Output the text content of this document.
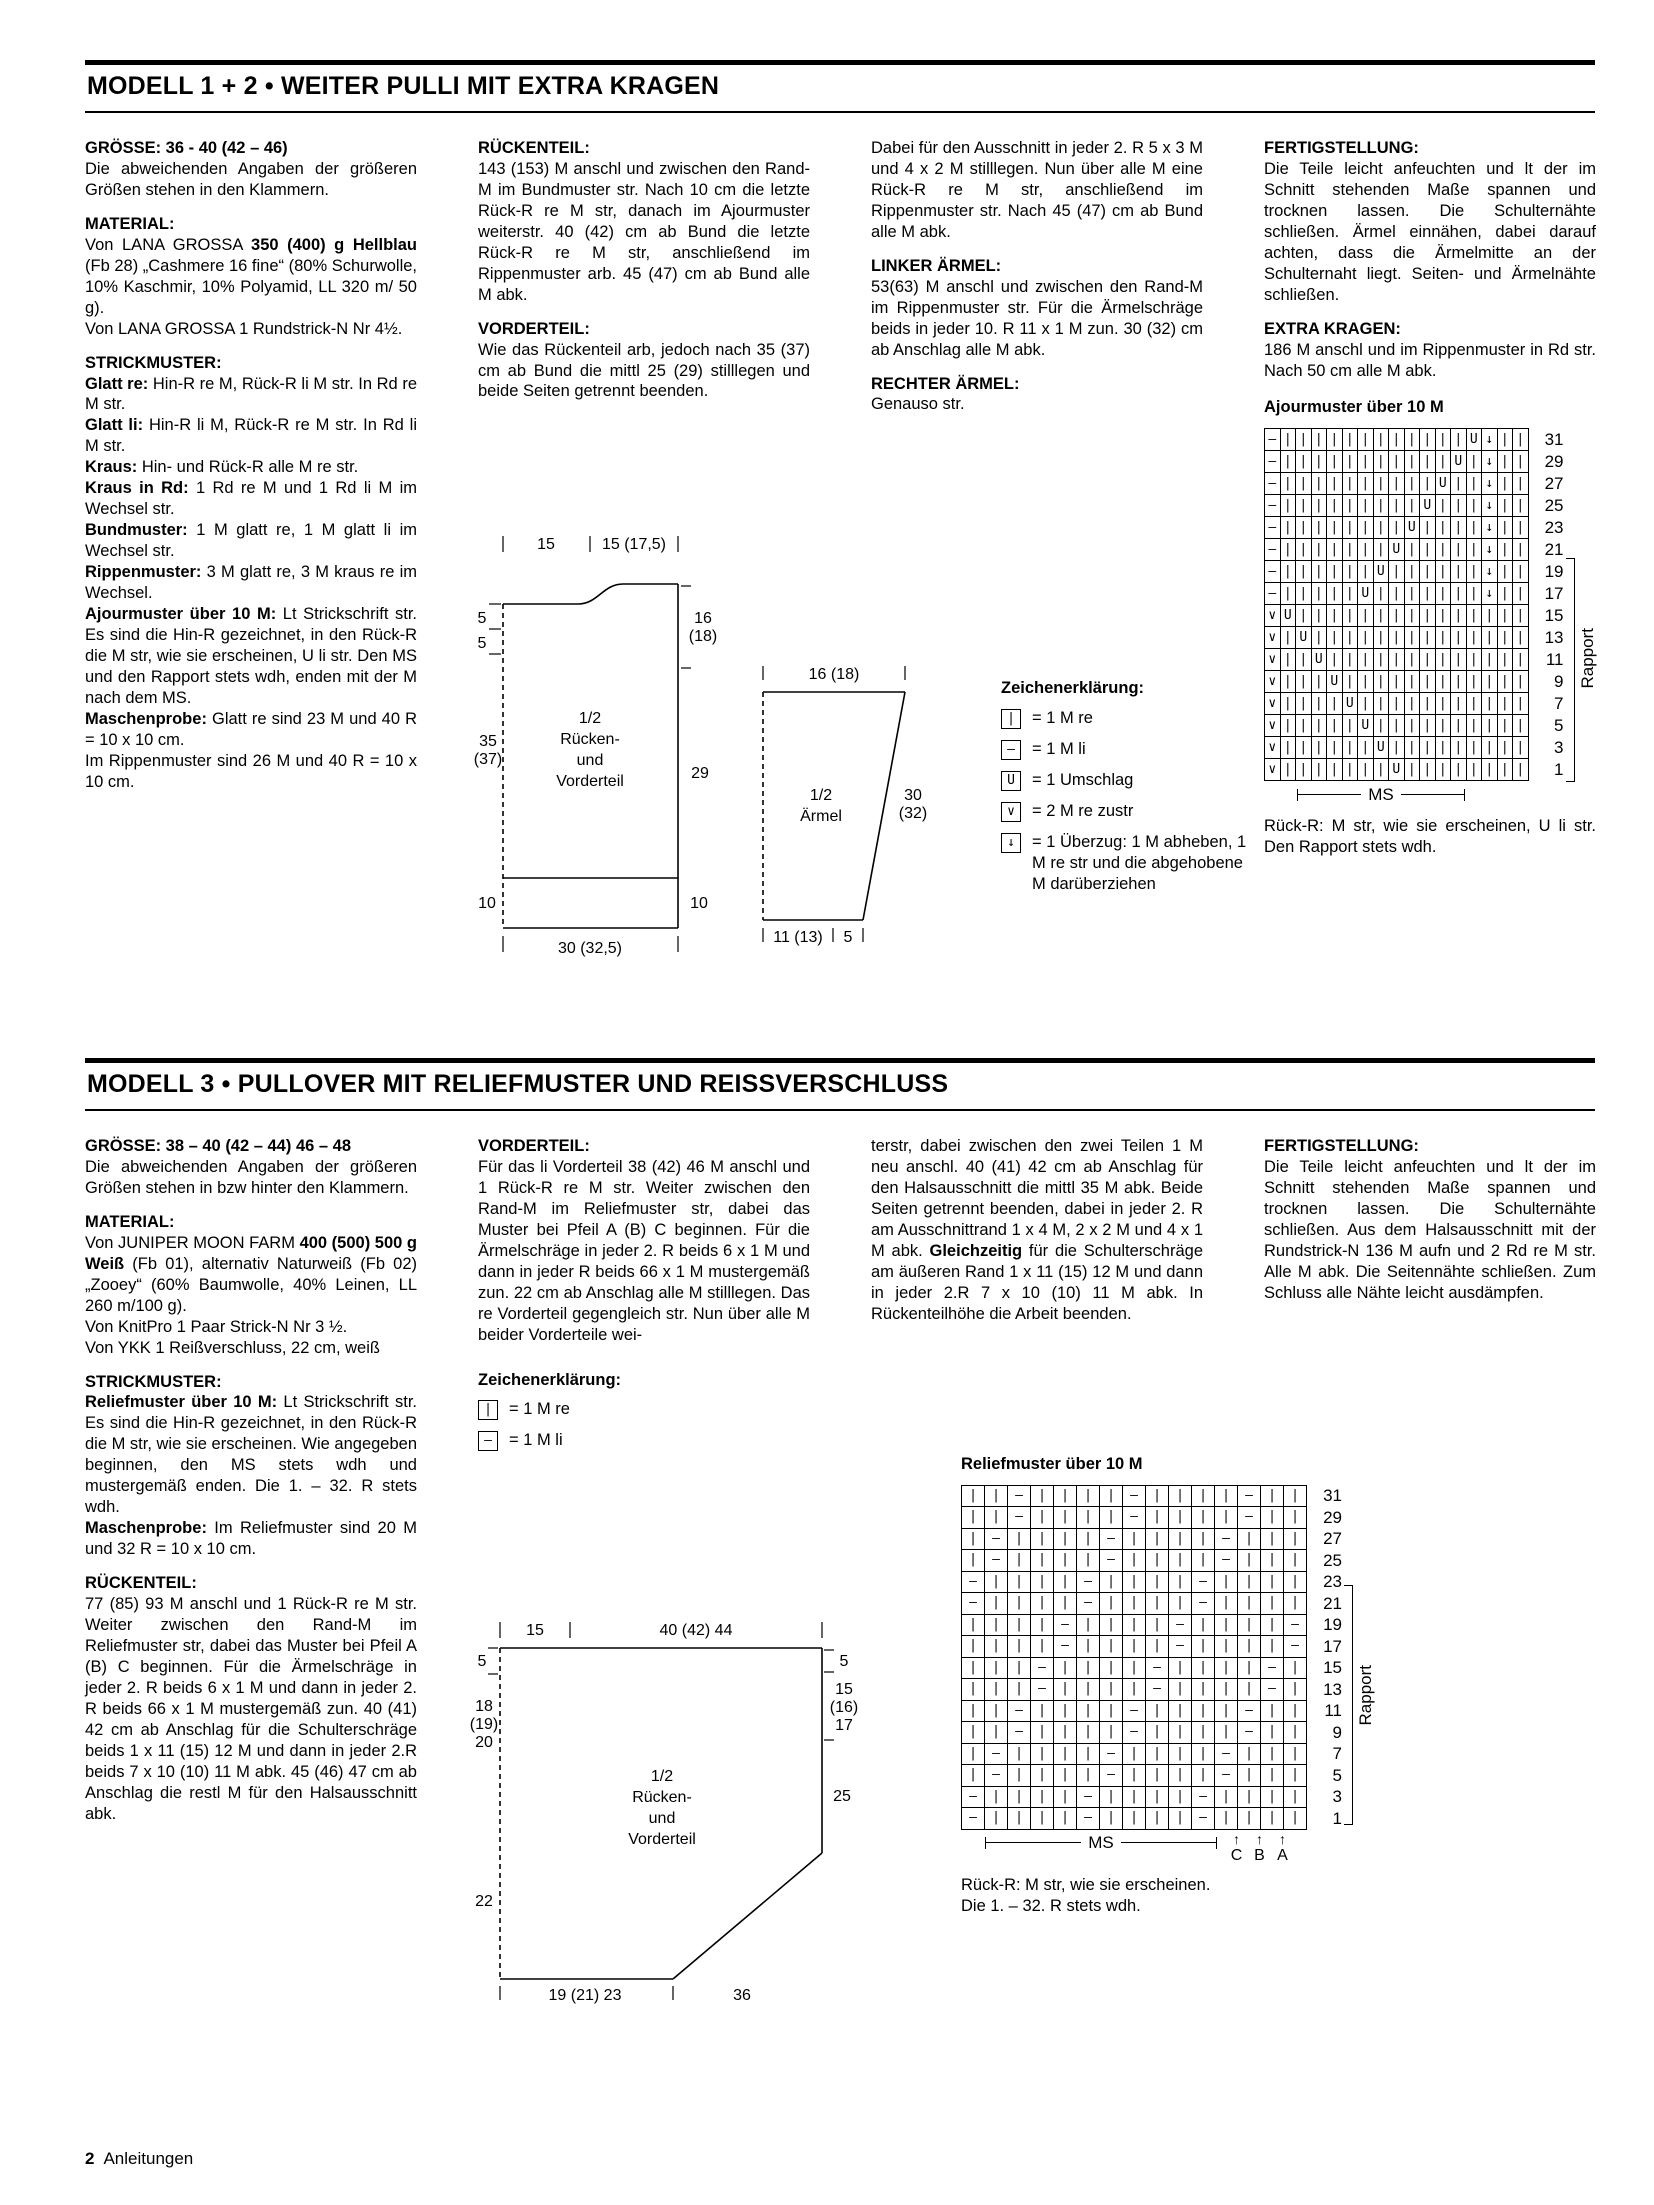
MODELL 1 + 2 • WEITER PULLI MIT EXTRA KRAGEN
GRÖSSE: 36 - 40 (42 – 46)

Die abweichenden Angaben der größeren Größen stehen in den Klammern.

MATERIAL:

Von LANA GROSSA 350 (400) g Hellblau (Fb 28) „Cashmere 16 fine“ (80% Schurwolle, 10% Kaschmir, 10% Polyamid, LL 320 m/ 50 g).

Von LANA GROSSA 1 Rundstrick-N Nr 4½.

STRICKMUSTER:

Glatt re: Hin-R re M, Rück-R li M str. In Rd re M str.

Glatt li: Hin-R li M, Rück-R re M str. In Rd li M str.

Kraus: Hin- und Rück-R alle M re str.

Kraus in Rd: 1 Rd re M und 1 Rd li M im Wechsel str.

Bundmuster: 1 M glatt re, 1 M glatt li im Wechsel str.

Rippenmuster: 3 M glatt re, 3 M kraus re im Wechsel.

Ajourmuster über 10 M: Lt Strickschrift str. Es sind die Hin-R gezeichnet, in den Rück-R die M str, wie sie erscheinen, U li str. Den MS und den Rapport stets wdh, enden mit der M nach dem MS.

Maschenprobe: Glatt re sind 23 M und 40 R = 10 x 10 cm.

Im Rippenmuster sind 26 M und 40 R = 10 x 10 cm.

RÜCKENTEIL:

143 (153) M anschl und zwischen den Rand-M im Bundmuster str. Nach 10 cm die letzte Rück-R re M str, danach im Ajourmuster weiterstr. 40 (42) cm ab Bund die letzte Rück-R re M str, anschließend im Rippenmuster arb. 45 (47) cm ab Bund alle M abk.

VORDERTEIL:

Wie das Rückenteil arb, jedoch nach 35 (37) cm ab Bund die mittl 25 (29) stilllegen und beide Seiten getrennt beenden.

Dabei für den Ausschnitt in jeder 2. R 5 x 3 M und 4 x 2 M stilllegen. Nun über alle M eine Rück-R re M str, anschließend im Rippenmuster str. Nach 45 (47) cm ab Bund alle M abk.

LINKER ÄRMEL:

53(63) M anschl und zwischen den Rand-M im Rippenmuster str. Für die Ärmelschräge beids in jeder 10. R 11 x 1 M zun. 30 (32) cm ab Anschlag alle M abk.

RECHTER ÄRMEL:

Genauso str.

FERTIGSTELLUNG:

Die Teile leicht anfeuchten und lt der im Schnitt stehenden Maße spannen und trocknen lassen. Die Schulternähte schließen. Ärmel einnähen, dabei darauf achten, dass die Ärmelmitte an der Schulternaht liegt. Seiten- und Ärmelnähte schließen.

EXTRA KRAGEN:

186 M anschl und im Rippenmuster in Rd str. Nach 50 cm alle M abk.

Ajourmuster über 10 M
– | | | | | | | | | | | | U ↓ | |	31
– | | | | | | | | | | | U | ↓ | |	29
– | | | | | | | | | | U | | ↓ | |	27
– | | | | | | | | | U | | | ↓ | |	25
– | | | | | | | | U | | | | ↓ | |	23
– | | | | | | | U | | | | | ↓ | |	21
– | | | | | | U | | | | | | ↓ | |	19
– | | | | | U | | | | | | | ↓ | |	17
∨ U | | | | | | | | | | | | | | |	15
∨ | U | | | | | | | | | | | | | |	13
∨ | | U | | | | | | | | | | | | |	11
∨ | | | U | | | | | | | | | | | |	9
∨ | | | | U | | | | | | | | | | |	7
∨ | | | | | U | | | | | | | | | |	5
∨ | | | | | | U | | | | | | | | |	3
∨ | | | | | | | U | | | | | | | |	1
Rapport
MS

Rück-R: M str, wie sie erscheinen, U li str. Den Rapport stets wdh.

15	15 (17,5)
5
5
16
(18)
29
35
(37)
10	10
30 (32,5)
1/2
Rücken-
und
Vorderteil
16 (18)
30
(32)
11 (13) 5
1/2
Ärmel
Zeichenerklärung:
|	= 1 M re
–	= 1 M li
U	= 1 Umschlag
∨	= 2 M re zustr
↓	= 1 Überzug: 1 M abheben, 1 M re str und die abgehobene M darüberziehen
MODELL 3 • PULLOVER MIT RELIEFMUSTER UND REISSVERSCHLUSS
GRÖSSE: 38 – 40 (42 – 44) 46 – 48

Die abweichenden Angaben der größeren Größen stehen in bzw hinter den Klammern.

MATERIAL:

Von JUNIPER MOON FARM 400 (500) 500 g Weiß (Fb 01), alternativ Naturweiß (Fb 02) „Zooey“ (60% Baumwolle, 40% Leinen, LL 260 m/100 g).

Von KnitPro 1 Paar Strick-N Nr 3 ½.

Von YKK 1 Reißverschluss, 22 cm, weiß

STRICKMUSTER:

Reliefmuster über 10 M: Lt Strickschrift str. Es sind die Hin-R gezeichnet, in den Rück-R die M str, wie sie erscheinen. Wie angegeben beginnen, den MS stets wdh und mustergemäß enden. Die 1. – 32. R stets wdh.

Maschenprobe: Im Reliefmuster sind 20 M und 32 R = 10 x 10 cm.

RÜCKENTEIL:

77 (85) 93 M anschl und 1 Rück-R re M str. Weiter zwischen den Rand-M im Reliefmuster str, dabei das Muster bei Pfeil A (B) C beginnen. Für die Ärmelschräge in jeder 2. R beids 6 x 1 M und dann in jeder 2. R beids 66 x 1 M mustergemäß zun. 40 (41) 42 cm ab Anschlag für die Schulterschräge beids 1 x 11 (15) 12 M und dann in jeder 2.R beids 7 x 10 (10) 11 M abk. 45 (46) 47 cm ab Anschlag die restl M für den Halsausschnitt abk.

VORDERTEIL:

Für das li Vorderteil 38 (42) 46 M anschl und 1 Rück-R re M str. Weiter zwischen den Rand-M im Reliefmuster str, dabei das Muster bei Pfeil A (B) C beginnen. Für die Ärmelschräge in jeder 2. R beids 6 x 1 M und dann in jeder R beids 66 x 1 M mustergemäß zun. 22 cm ab Anschlag alle M stilllegen. Das re Vorderteil gegengleich str. Nun über alle M beider Vorderteile wei-

Zeichenerklärung:
|	= 1 M re
–	= 1 M li

terstr, dabei zwischen den zwei Teilen 1 M neu anschl. 40 (41) 42 cm ab Anschlag für den Halsausschnitt die mittl 35 M abk. Beide Seiten getrennt beenden, dabei in jeder 2. R am Ausschnittrand 1 x 4 M, 2 x 2 M und 4 x 1 M abk. Gleichzeitig für die Schulterschräge am äußeren Rand 1 x 11 (15) 12 M und dann in jeder 2.R 7 x 10 (10) 11 M abk. In Rückenteilhöhe die Arbeit beenden.

FERTIGSTELLUNG:

Die Teile leicht anfeuchten und lt der im Schnitt stehenden Maße spannen und trocknen lassen. Die Schulternähte schließen. Aus dem Halsausschnitt mit der Rundstrick-N 136 M aufn und 2 Rd re M str. Alle M abk. Die Seitennähte schließen. Zum Schluss alle Nähte leicht ausdämpfen.

15	40 (42) 44
5
18
(19)
20
22
5
15
(16)
17
25
19 (21) 23	36
1/2
Rücken-
und
Vorderteil
Reliefmuster über 10 M
|	|	–	|	|	|	|	–	|	|	|	|	–	|	|	31
|	|	–	|	|	|	|	–	|	|	|	|	–	|	|	29
|	–	|	|	|	|	–	|	|	|	|	–	|	|	|	27
|	–	|	|	|	|	–	|	|	|	|	–	|	|	|	25
–	|	|	|	|	–	|	|	|	|	–	|	|	|	|	23
–	|	|	|	|	–	|	|	|	|	–	|	|	|	|	21
|	|	|	|	–	|	|	|	|	–	|	|	|	|	–	19
|	|	|	|	–	|	|	|	|	–	|	|	|	|	–	17
|	|	|	–	|	|	|	|	–	|	|	|	|	–	|	15
|	|	|	–	|	|	|	|	–	|	|	|	|	–	|	13
|	|	–	|	|	|	|	–	|	|	|	|	–	|	|	11
|	|	–	|	|	|	|	–	|	|	|	|	–	|	|	9
|	–	|	|	|	|	–	|	|	|	|	–	|	|	|	7
|	–	|	|	|	|	–	|	|	|	|	–	|	|	|	5
–	|	|	|	|	–	|	|	|	|	–	|	|	|	|	3
–	|	|	|	|	–	|	|	|	|	–	|	|	|	|	1
Rapport
MS	↑
C
↑
B
↑
A

Rück-R: M str, wie sie erscheinen.
Die 1. – 32. R stets wdh.

2 Anleitungen
